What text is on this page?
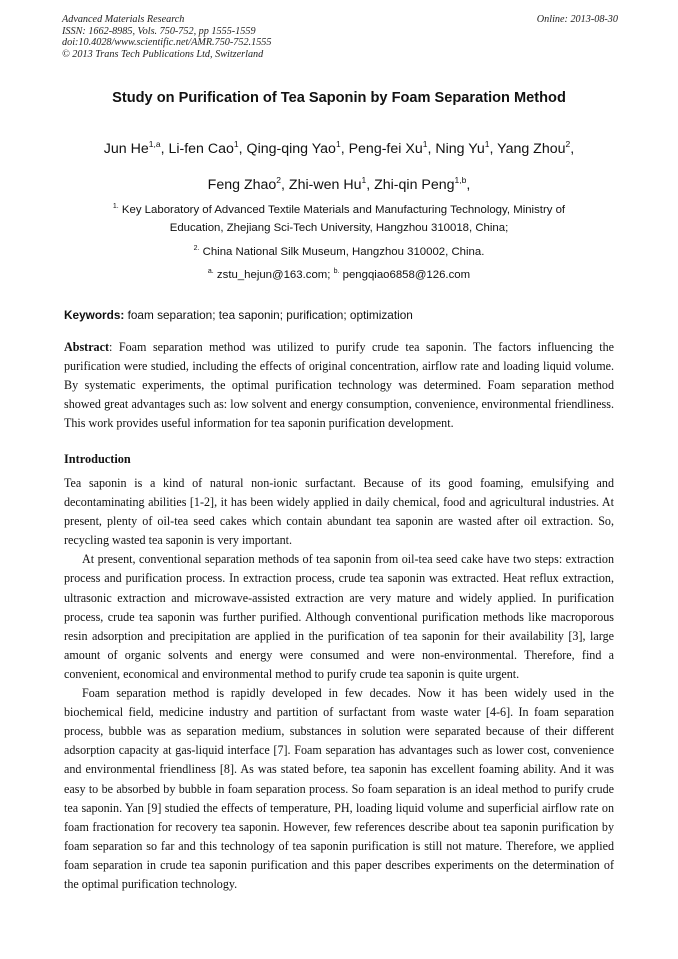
Advanced Materials Research
ISSN: 1662-8985, Vols. 750-752, pp 1555-1559
doi:10.4028/www.scientific.net/AMR.750-752.1555
© 2013 Trans Tech Publications Ltd, Switzerland
Online: 2013-08-30
Study on Purification of Tea Saponin by Foam Separation Method
Jun He$^{1,a}$, Li-fen Cao$^1$, Qing-qing Yao$^1$, Peng-fei Xu$^1$, Ning Yu$^1$, Yang Zhou$^2$,
Feng Zhao$^2$, Zhi-wen Hu$^1$, Zhi-qin Peng$^{1,b}$,
$^{1.}$ Key Laboratory of Advanced Textile Materials and Manufacturing Technology, Ministry of
Education, Zhejiang Sci-Tech University, Hangzhou 310018, China;
$^{2.}$ China National Silk Museum, Hangzhou 310002, China.
$^{a.}$ zstu_hejun@163.com; $^{b.}$ pengqiao6858@126.com
Keywords: foam separation; tea saponin; purification; optimization
Abstract: Foam separation method was utilized to purify crude tea saponin. The factors influencing the purification were studied, including the effects of original concentration, airflow rate and loading liquid volume. By systematic experiments, the optimal purification technology was determined. Foam separation method showed great advantages such as: low solvent and energy consumption, convenience, environmental friendliness. This work provides useful information for tea saponin purification development.
Introduction

Tea saponin is a kind of natural non-ionic surfactant. Because of its good foaming, emulsifying and decontaminating abilities [1-2], it has been widely applied in daily chemical, food and agricultural industries. At present, plenty of oil-tea seed cakes which contain abundant tea saponin are wasted after oil extraction. So, recycling wasted tea saponin is very important.

At present, conventional separation methods of tea saponin from oil-tea seed cake have two steps: extraction process and purification process. In extraction process, crude tea saponin was extracted. Heat reflux extraction, ultrasonic extraction and microwave-assisted extraction are very mature and widely applied. In purification process, crude tea saponin was further purified. Although conventional purification methods like macroporous resin adsorption and precipitation are applied in the purification of tea saponin for their availability [3], large amount of organic solvents and energy were consumed and were non-environmental. Therefore, find a convenient, economical and environmental method to purify crude tea saponin is quite urgent.

Foam separation method is rapidly developed in few decades. Now it has been widely used in the biochemical field, medicine industry and partition of surfactant from waste water [4-6]. In foam separation process, bubble was as separation medium, substances in solution were separated because of their different adsorption capacity at gas-liquid interface [7]. Foam separation has advantages such as lower cost, convenience and environmental friendliness [8]. As was stated before, tea saponin has excellent foaming ability. And it was easy to be absorbed by bubble in foam separation process. So foam separation is an ideal method to purify crude tea saponin. Yan [9] studied the effects of temperature, PH, loading liquid volume and superficial airflow rate on foam fractionation for recovery tea saponin. However, few references describe about tea saponin purification by foam separation so far and this technology of tea saponin purification is still not mature. Therefore, we applied foam separation in crude tea saponin purification and this paper describes experiments on the determination of the optimal purification technology.
